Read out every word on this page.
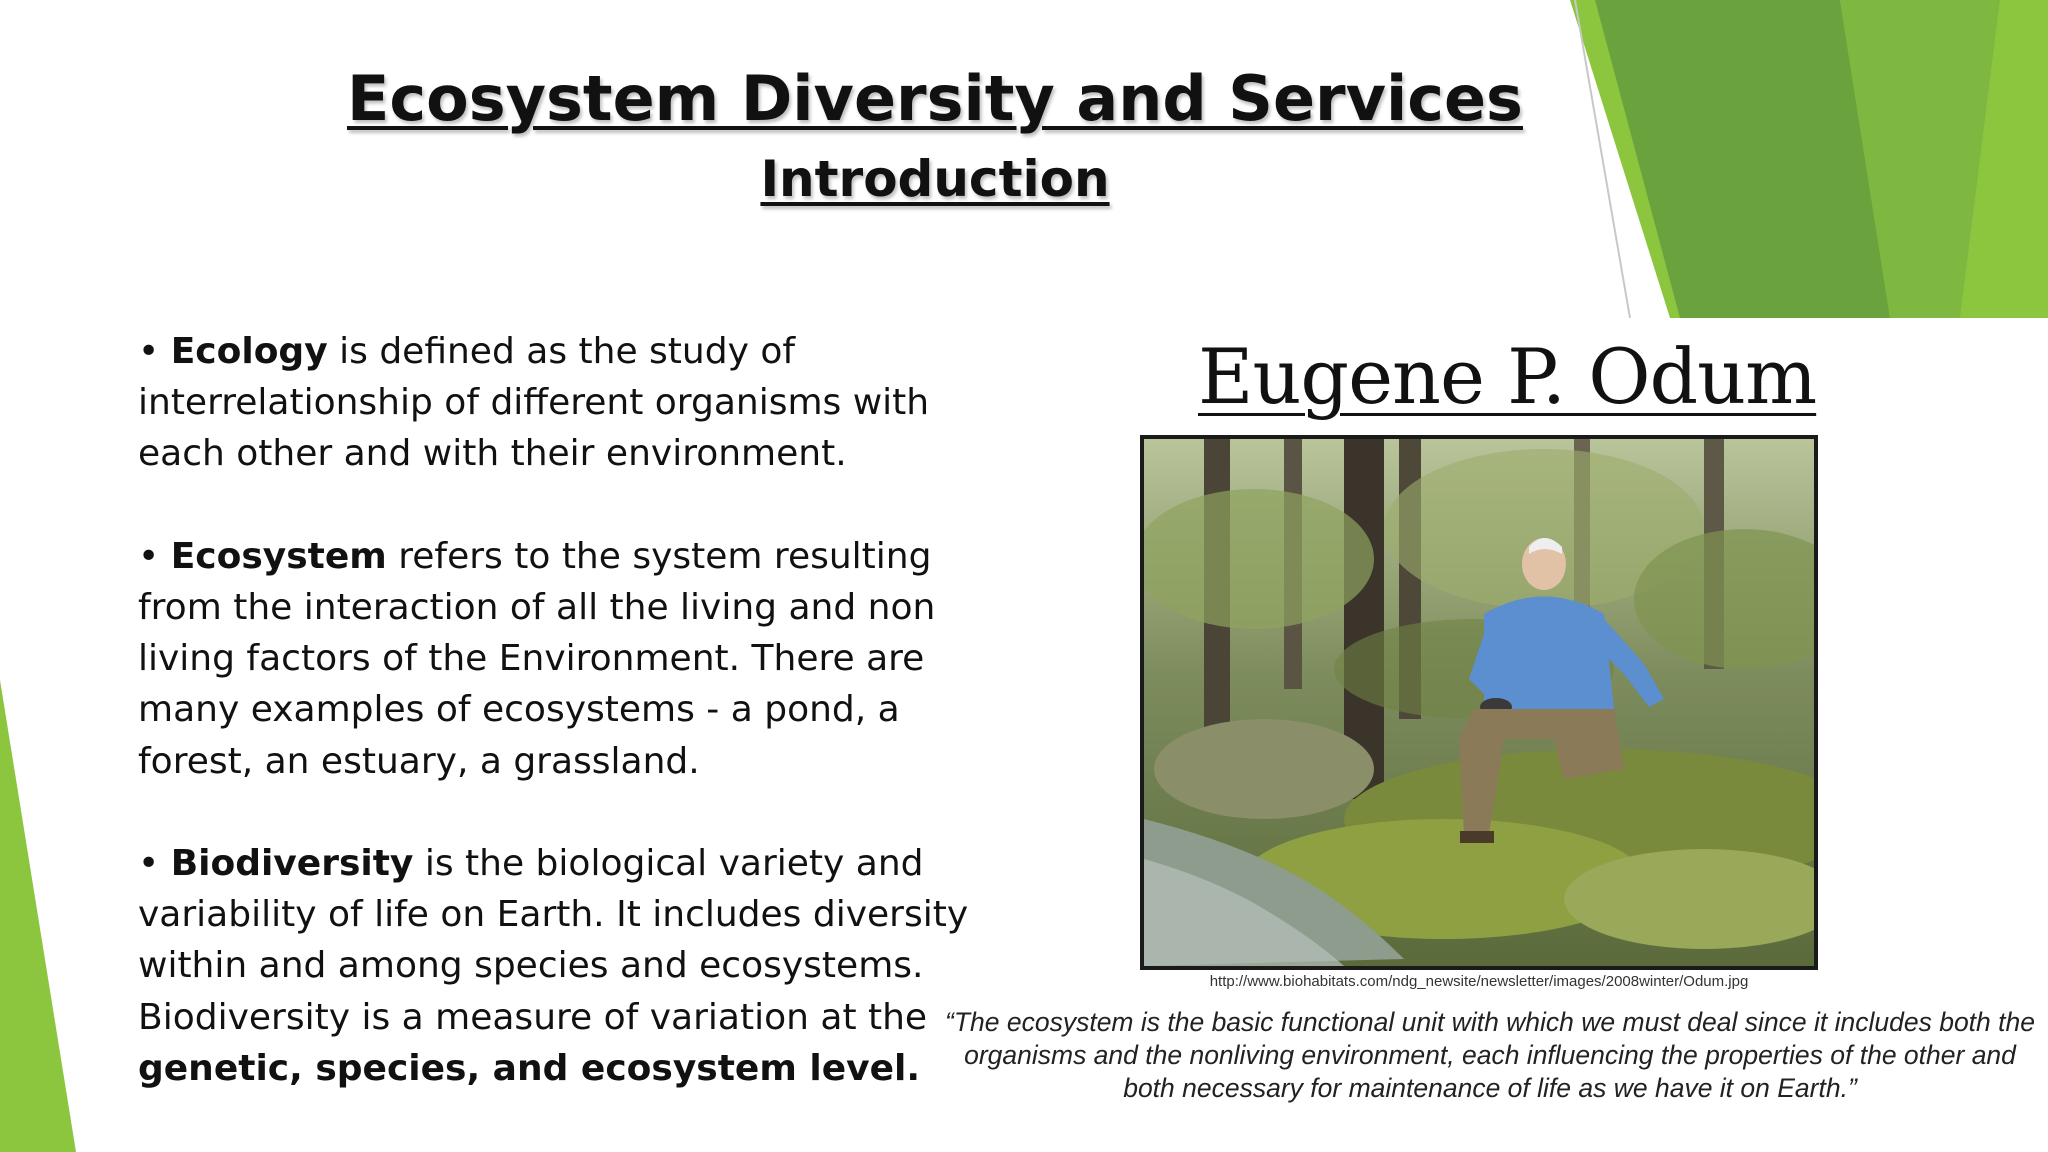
Ecosystem Diversity and Services
Introduction

• Ecology is defined as the study of interrelationship of different organisms with each other and with their environment.

• Ecosystem refers to the system resulting from the interaction of all the living and non living factors of the Environment. There are many examples of ecosystems - a pond, a forest, an estuary, a grassland.

• Biodiversity is the biological variety and variability of life on Earth. It includes diversity within and among species and ecosystems. Biodiversity is a measure of variation at the genetic, species, and ecosystem level.

Eugene P. Odum
http://www.biohabitats.com/ndg_newsite/newsletter/images/2008winter/Odum.jpg
“The ecosystem is the basic functional unit with which we must deal since it includes both the organisms and the nonliving environment, each influencing the properties of the other and both necessary for maintenance of life as we have it on Earth.”
